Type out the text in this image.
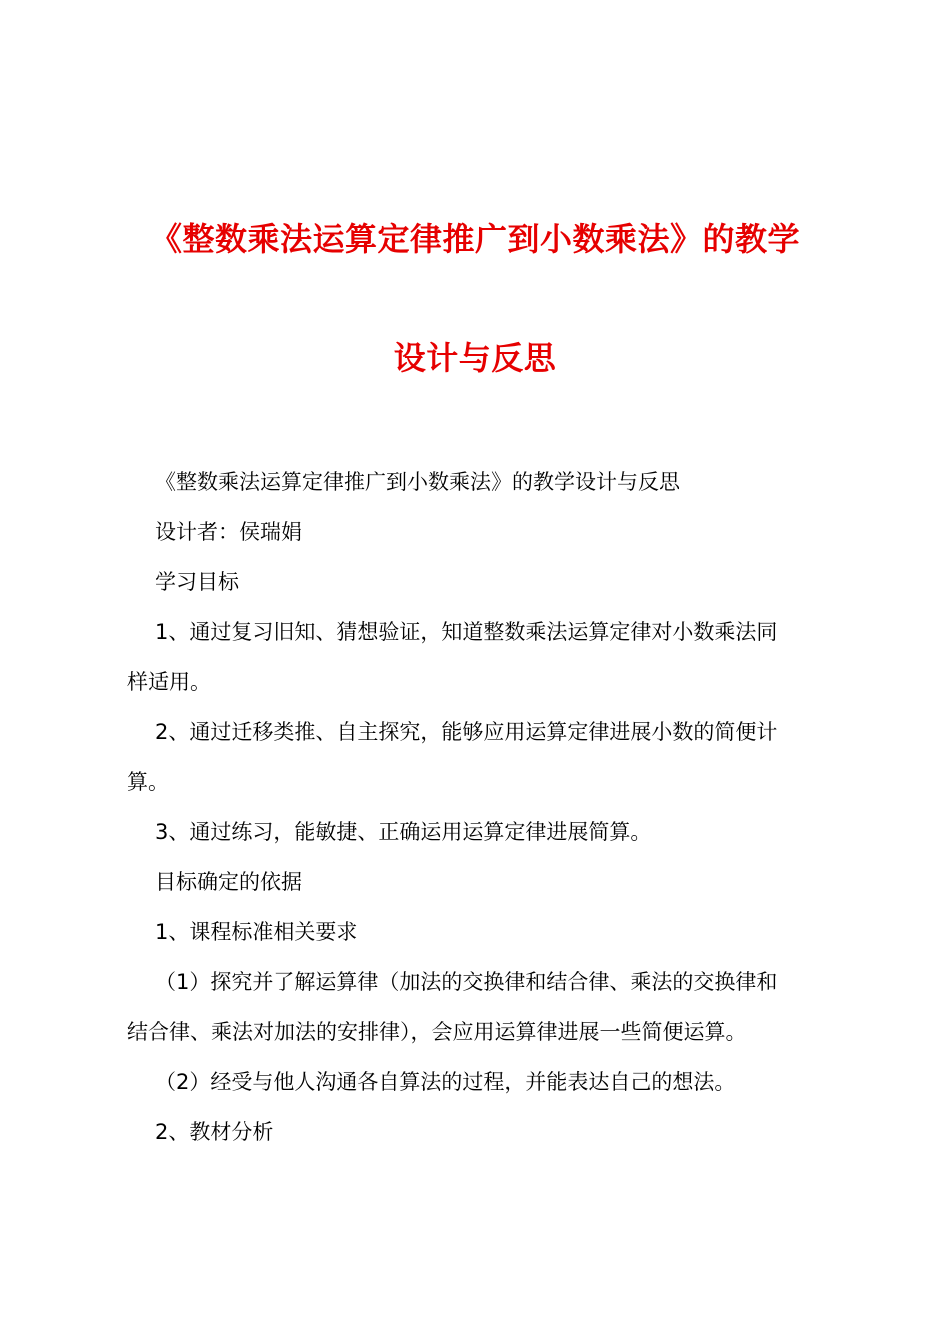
《整数乘法运算定律推广到小数乘法》的教学
设计与反思
《整数乘法运算定律推广到小数乘法》的教学设计与反思
设计者：侯瑞娟
学习目标
1、通过复习旧知、猜想验证，知道整数乘法运算定律对小数乘法同
样适用。
2、通过迁移类推、自主探究，能够应用运算定律进展小数的简便计
算。
3、通过练习，能敏捷、正确运用运算定律进展简算。
目标确定的依据
1、课程标准相关要求
（1）探究并了解运算律（加法的交换律和结合律、乘法的交换律和
结合律、乘法对加法的安排律），会应用运算律进展一些简便运算。
（2）经受与他人沟通各自算法的过程，并能表达自己的想法。
2、教材分析
